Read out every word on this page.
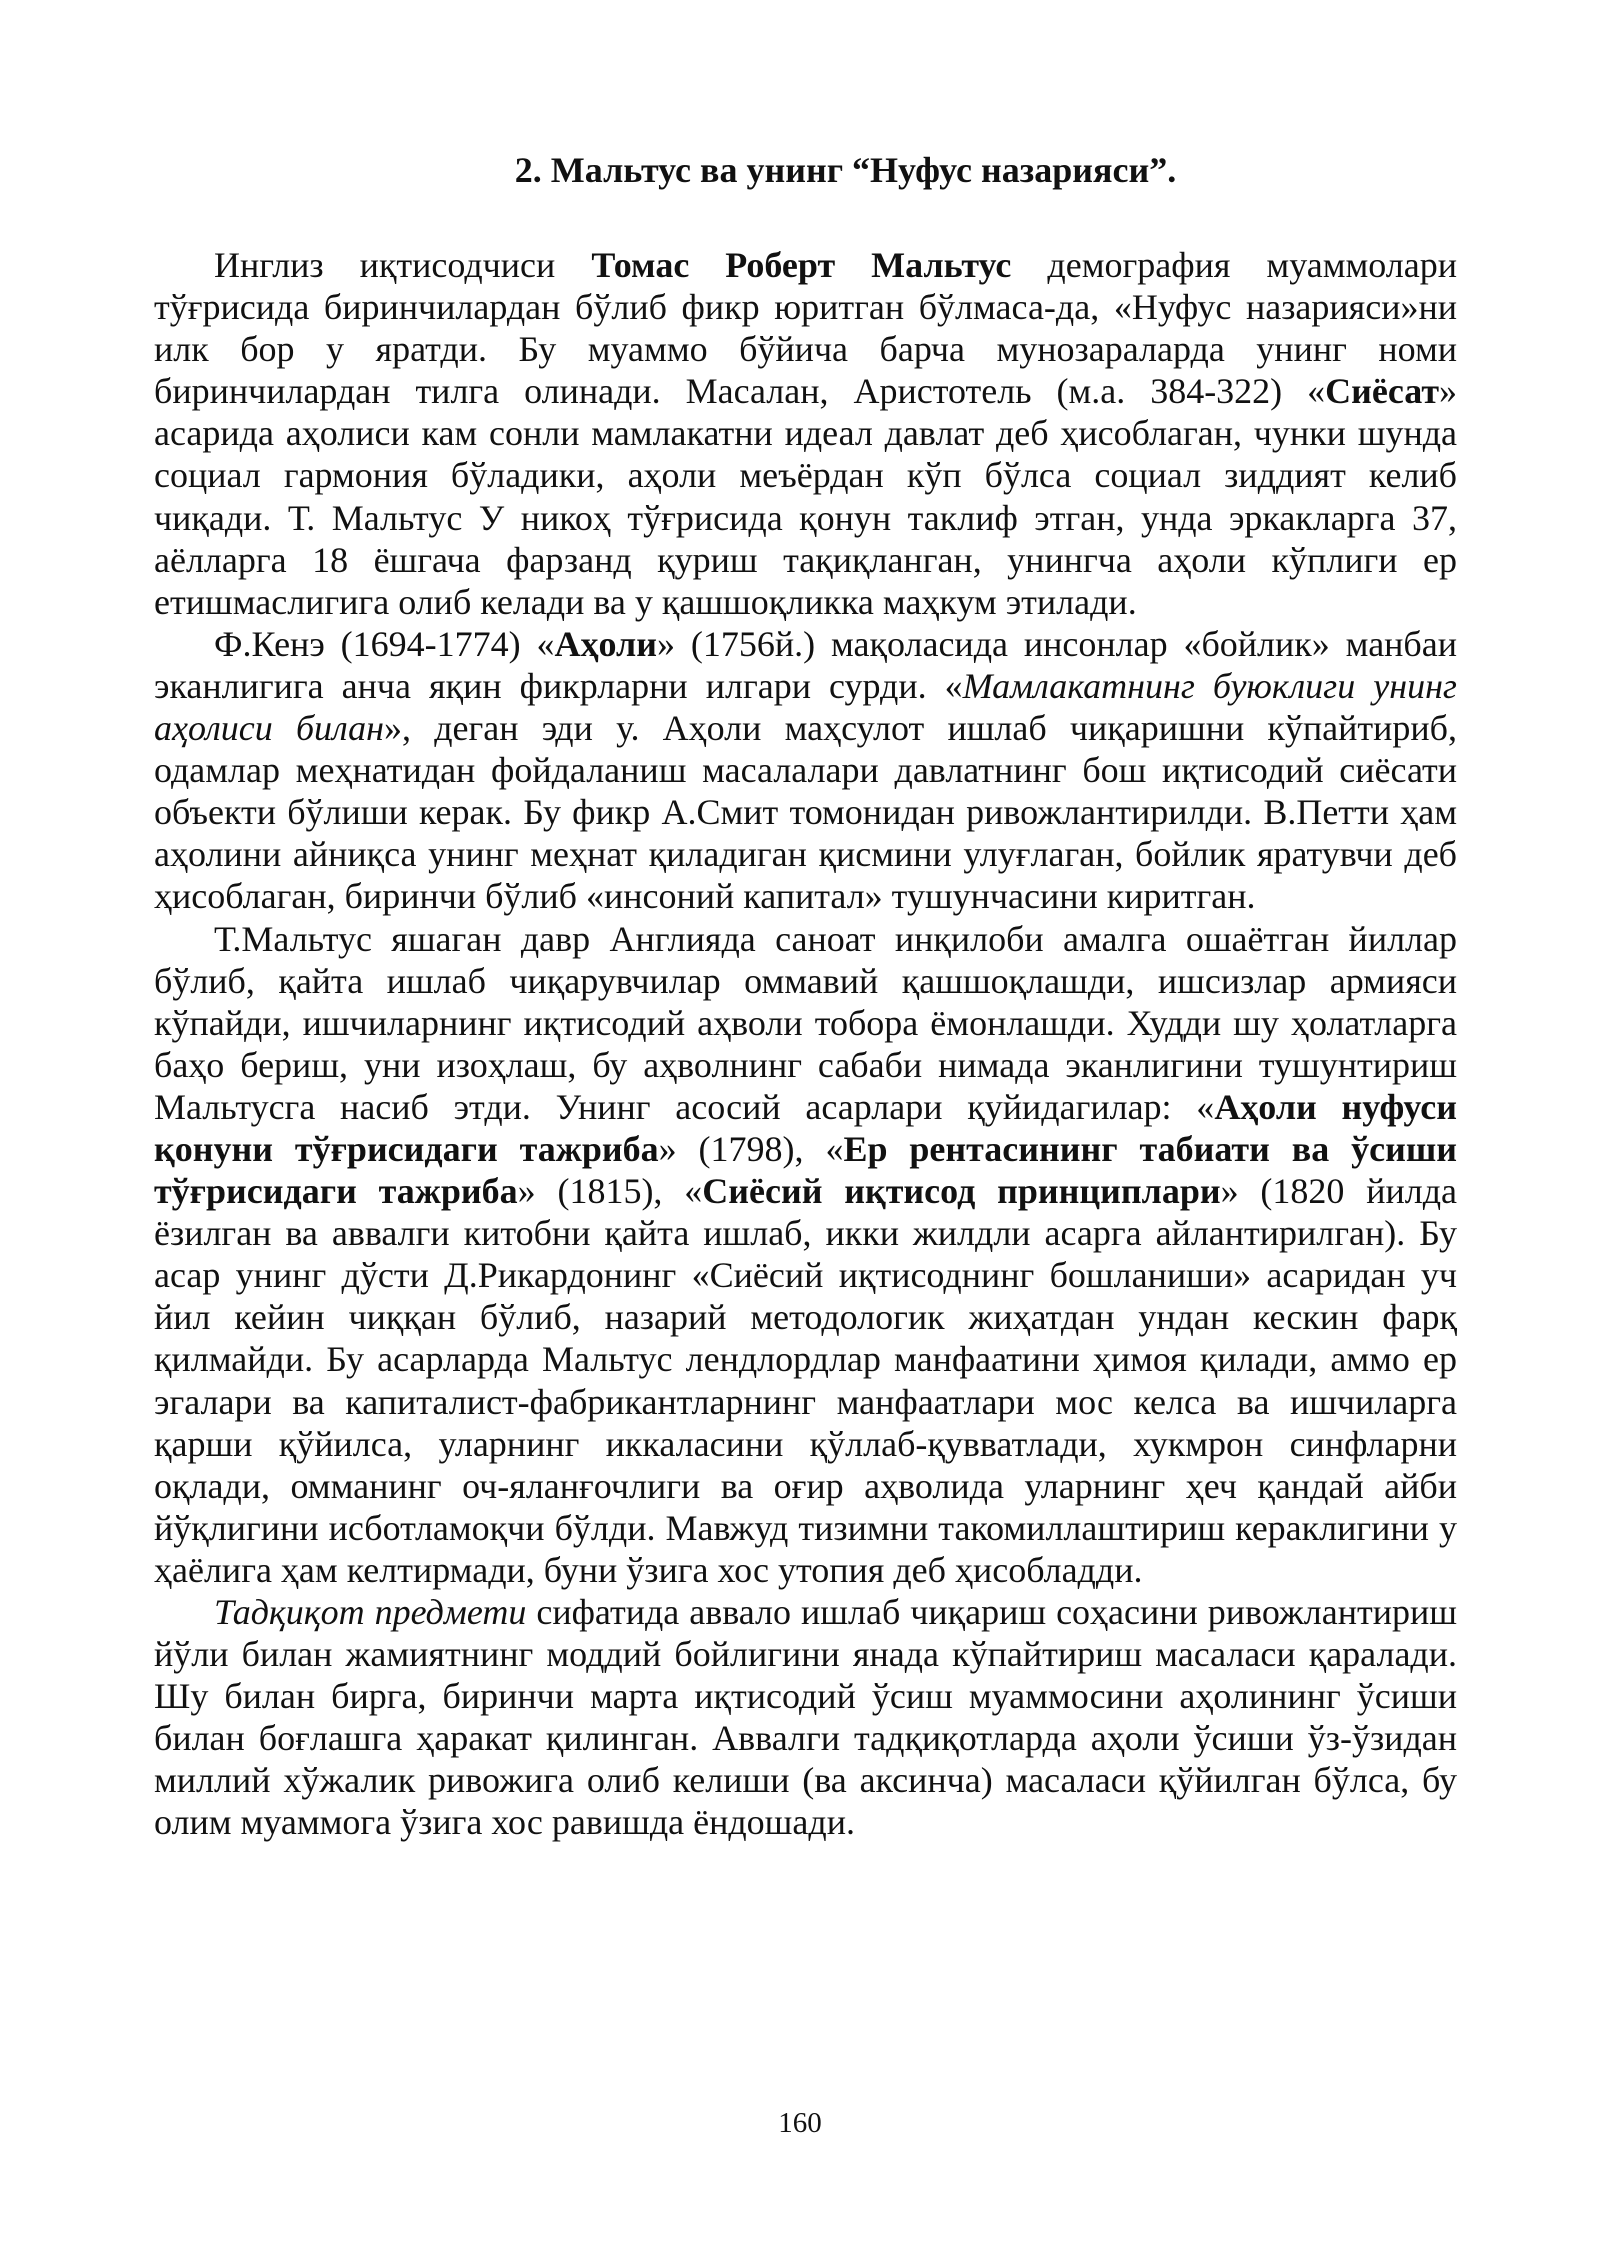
2. Мальтус ва унинг “Нуфус назарияси”.

Инглиз иқтисодчиси Томас Роберт Мальтус демография муаммолари тўғрисида биринчилардан бўлиб фикр юритган бўлмаса-да, «Нуфус назарияси»ни илк бор у яратди. Бу муаммо бўйича барча мунозараларда унинг номи биринчилардан тилга олинади. Масалан, Аристотель (м.а. 384-322) «Сиёсат» асарида аҳолиси кам сонли мамлакатни идеал давлат деб ҳисоблаган, чунки шунда социал гармония бўладики, аҳоли меъёрдан кўп бўлса социал зиддият келиб чиқади. Т. Мальтус У никоҳ тўғрисида қонун таклиф этган, унда эркакларга 37, аёлларга 18 ёшгача фарзанд қуриш тақиқланган, унингча аҳоли кўплиги ер етишмаслигига олиб келади ва у қашшоқликка маҳкум этилади.

Ф.Кенэ (1694-1774) «Аҳоли» (1756й.) мақоласида инсонлар «бойлик» манбаи эканлигига анча яқин фикрларни илгари сурди. «Мамлакатнинг буюклиги унинг аҳолиси билан», деган эди у. Аҳоли маҳсулот ишлаб чиқаришни кўпайтириб, одамлар меҳнатидан фойдаланиш масалалари давлатнинг бош иқтисодий сиёсати объекти бўлиши керак. Бу фикр А.Смит томонидан ривожлантирилди. В.Петти ҳам аҳолини айниқса унинг меҳнат қиладиган қисмини улуғлаган, бойлик яратувчи деб ҳисоблаган, биринчи бўлиб «инсоний капитал» тушунчасини киритган.

Т.Мальтус яшаган давр Англияда саноат инқилоби амалга ошаётган йиллар бўлиб, қайта ишлаб чиқарувчилар оммавий қашшоқлашди, ишсизлар армияси кўпайди, ишчиларнинг иқтисодий аҳволи тобора ёмонлашди. Худди шу ҳолатларга баҳо бериш, уни изоҳлаш, бу аҳволнинг сабаби нимада эканлигини тушунтириш Мальтусга насиб этди. Унинг асосий асарлари қуйидагилар: «Аҳоли нуфуси қонуни тўғрисидаги тажриба» (1798), «Ер рентасининг табиати ва ўсиши тўғрисидаги тажриба» (1815), «Сиёсий иқтисод принциплари» (1820 йилда ёзилган ва аввалги китобни қайта ишлаб, икки жилдли асарга айлантирилган). Бу асар унинг дўсти Д.Рикардонинг «Сиёсий иқтисоднинг бошланиши» асаридан уч йил кейин чиққан бўлиб, назарий методологик жиҳатдан ундан кескин фарқ қилмайди. Бу асарларда Мальтус лендлордлар манфаатини ҳимоя қилади, аммо ер эгалари ва капиталист-фабрикантларнинг манфаатлари мос келса ва ишчиларга қарши қўйилса, уларнинг иккаласини қўллаб-қувватлади, хукмрон синфларни оқлади, омманинг оч-яланғочлиги ва оғир аҳволида уларнинг ҳеч қандай айби йўқлигини исботламоқчи бўлди. Мавжуд тизимни такомиллаштириш кераклигини у ҳаёлига ҳам келтирмади, буни ўзига хос утопия деб ҳисобладди.

Тадқиқот предмети сифатида аввало ишлаб чиқариш соҳасини ривожлантириш йўли билан жамиятнинг моддий бойлигини янада кўпайтириш масаласи қаралади. Шу билан бирга, биринчи марта иқтисодий ўсиш муаммосини аҳолининг ўсиши билан боғлашга ҳаракат қилинган. Аввалги тадқиқотларда аҳоли ўсиши ўз-ўзидан миллий хўжалик ривожига олиб келиши (ва аксинча) масаласи қўйилган бўлса, бу олим муаммога ўзига хос равишда ёндошади.

160
